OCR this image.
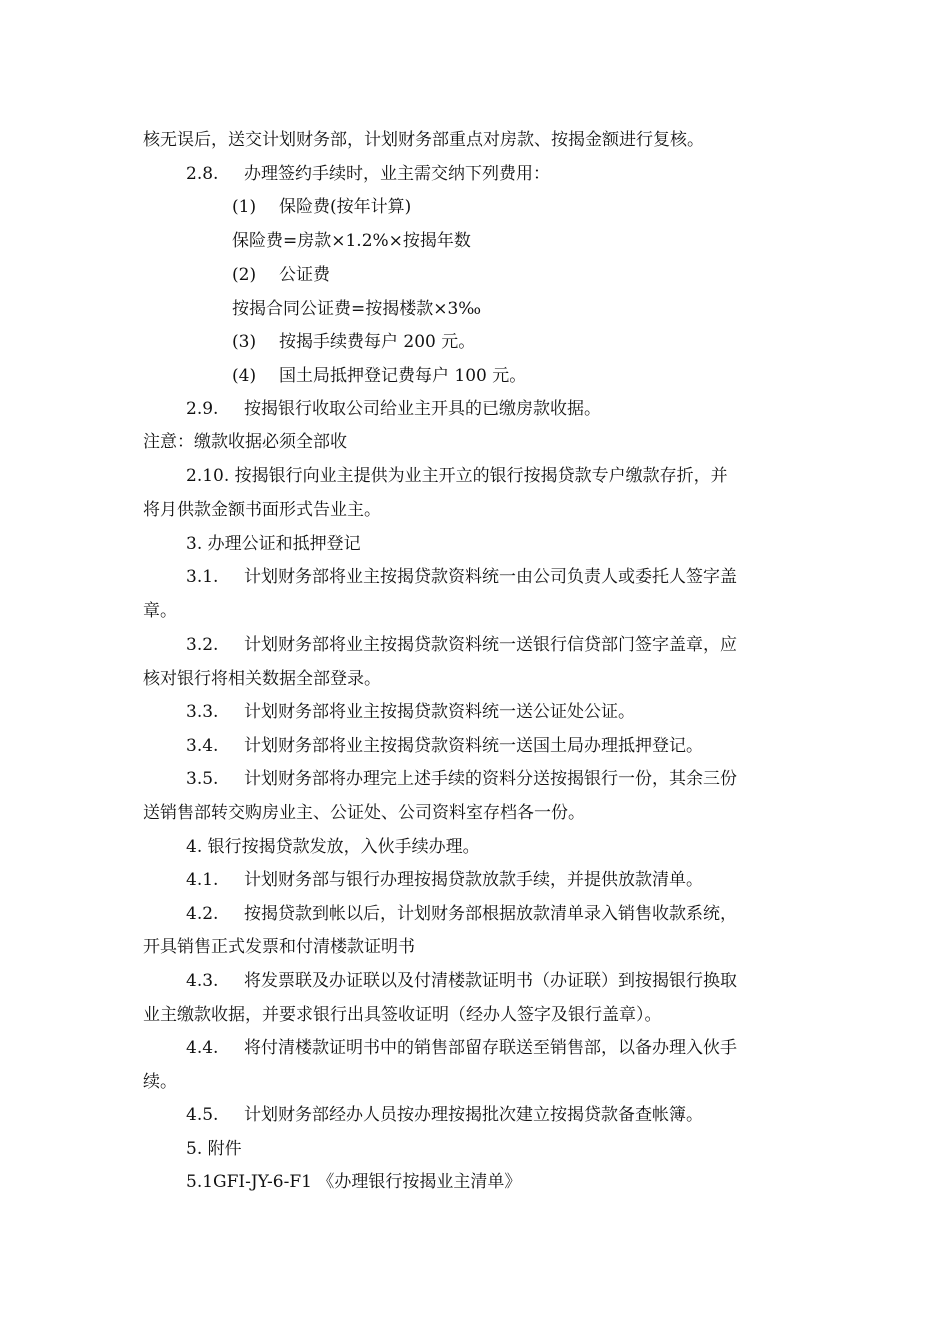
核无误后，送交计划财务部，计划财务部重点对房款、按揭金额进行复核。
2.8. 办理签约手续时，业主需交纳下列费用：
(1) 保险费(按年计算)
保险费=房款×1.2%×按揭年数
(2) 公证费
按揭合同公证费=按揭楼款×3‰
(3) 按揭手续费每户 200 元。
(4) 国土局抵押登记费每户 100 元。
2.9. 按揭银行收取公司给业主开具的已缴房款收据。
注意：缴款收据必须全部收
2.10. 按揭银行向业主提供为业主开立的银行按揭贷款专户缴款存折，并
将月供款金额书面形式告业主。
3. 办理公证和抵押登记
3.1. 计划财务部将业主按揭贷款资料统一由公司负责人或委托人签字盖
章。
3.2. 计划财务部将业主按揭贷款资料统一送银行信贷部门签字盖章，应
核对银行将相关数据全部登录。
3.3. 计划财务部将业主按揭贷款资料统一送公证处公证。
3.4. 计划财务部将业主按揭贷款资料统一送国土局办理抵押登记。
3.5. 计划财务部将办理完上述手续的资料分送按揭银行一份，其余三份
送销售部转交购房业主、公证处、公司资料室存档各一份。
4. 银行按揭贷款发放，入伙手续办理。
4.1. 计划财务部与银行办理按揭贷款放款手续，并提供放款清单。
4.2. 按揭贷款到帐以后，计划财务部根据放款清单录入销售收款系统，
开具销售正式发票和付清楼款证明书
4.3. 将发票联及办证联以及付清楼款证明书（办证联）到按揭银行换取
业主缴款收据，并要求银行出具签收证明（经办人签字及银行盖章）。
4.4. 将付清楼款证明书中的销售部留存联送至销售部，以备办理入伙手
续。
4.5. 计划财务部经办人员按办理按揭批次建立按揭贷款备查帐簿。
5. 附件
5.1GFI-JY-6-F1 《办理银行按揭业主清单》
